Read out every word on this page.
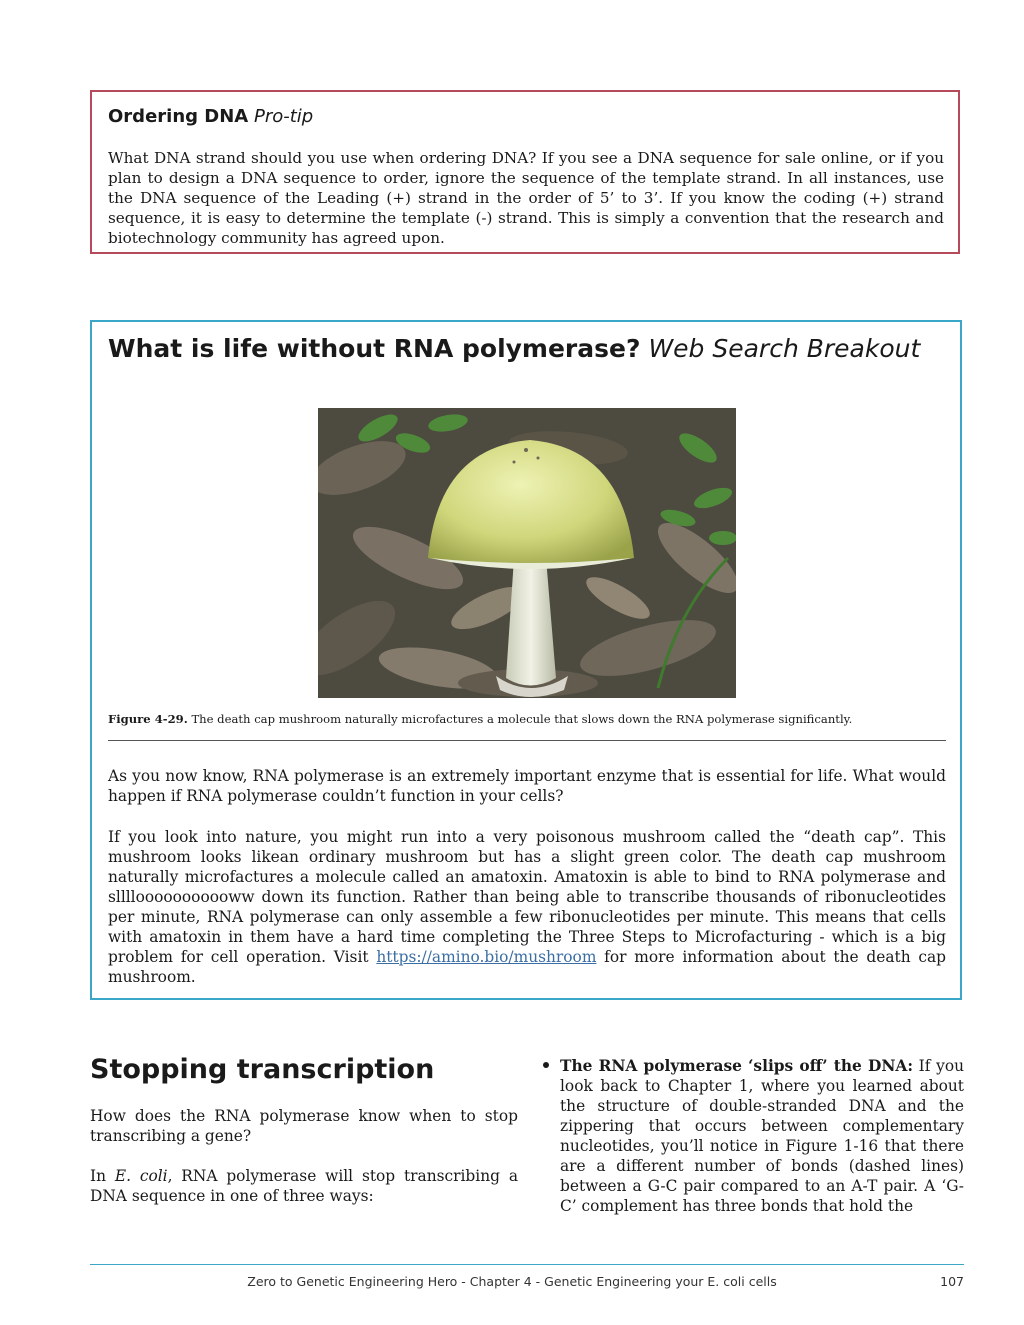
Ordering DNA Pro-tip
What DNA strand should you use when ordering DNA? If you see a DNA sequence for sale online, or if you plan to design a DNA sequence to order, ignore the sequence of the template strand. In all instances, use the DNA sequence of the Leading (+) strand in the order of 5’ to 3’. If you know the coding (+) strand sequence, it is easy to determine the template (-) strand. This is simply a convention that the research and biotechnology community has agreed upon.
What is life without RNA polymerase? Web Search Breakout
Figure 4-29. The death cap mushroom naturally microfactures a molecule that slows down the RNA polymerase significantly.
As you now know, RNA polymerase is an extremely important enzyme that is essential for life. What would happen if RNA polymerase couldn’t function in your cells?
If you look into nature, you might run into a very poisonous mushroom called the “death cap”. This mushroom looks likean ordinary mushroom but has a slight green color. The death cap mushroom naturally microfactures a molecule called an amatoxin. Amatoxin is able to bind to RNA polymerase and sllllooooooooooww down its function. Rather than being able to transcribe thousands of ribonucleotides per minute, RNA polymerase can only assemble a few ribonucleotides per minute. This means that cells with amatoxin in them have a hard time completing the Three Steps to Microfacturing - which is a big problem for cell operation. Visit https://amino.bio/mushroom for more information about the death cap mushroom.
Stopping transcription
How does the RNA polymerase know when to stop transcribing a gene?
In E. coli, RNA polymerase will stop transcribing a DNA sequence in one of three ways:
The RNA polymerase ‘slips off’ the DNA: If you look back to Chapter 1, where you learned about the structure of double-stranded DNA and the zippering that occurs between complementary nucleotides, you’ll notice in Figure 1-16 that there are a different number of bonds (dashed lines) between a G-C pair compared to an A-T pair. A ‘G-C’ complement has three bonds that hold the
Zero to Genetic Engineering Hero - Chapter 4 - Genetic Engineering your E. coli cells	107
